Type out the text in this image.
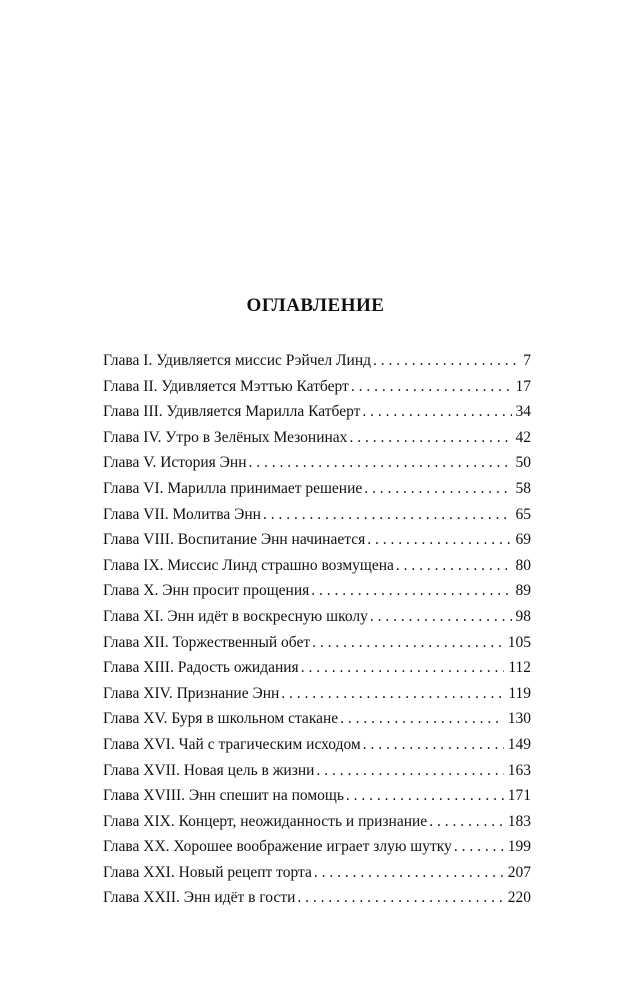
ОГЛАВЛЕНИЕ
Глава I. Удивляется миссис Рэйчел Линд . . .	7
Глава II. Удивляется Мэттью Катберт . . .	17
Глава III. Удивляется Марилла Катберт . . .	34
Глава IV. Утро в Зелёных Мезонинах . . .	42
Глава V. История Энн . . .	50
Глава VI. Марилла принимает решение . . .	58
Глава VII. Молитва Энн . . .	65
Глава VIII. Воспитание Энн начинается . . .	69
Глава IX. Миссис Линд страшно возмущена . . .	80
Глава X. Энн просит прощения . . .	89
Глава XI. Энн идёт в воскресную школу . . .	98
Глава XII. Торжественный обет . . .	105
Глава XIII. Радость ожидания . . .	112
Глава XIV. Признание Энн . . .	119
Глава XV. Буря в школьном стакане . . .	130
Глава XVI. Чай с трагическим исходом . . .	149
Глава XVII. Новая цель в жизни . . .	163
Глава XVIII. Энн спешит на помощь . . .	171
Глава XIX. Концерт, неожиданность и признание . . .	183
Глава XX. Хорошее воображение играет злую шутку . . .	199
Глава XXI. Новый рецепт торта . . .	207
Глава XXII. Энн идёт в гости . . .	220
